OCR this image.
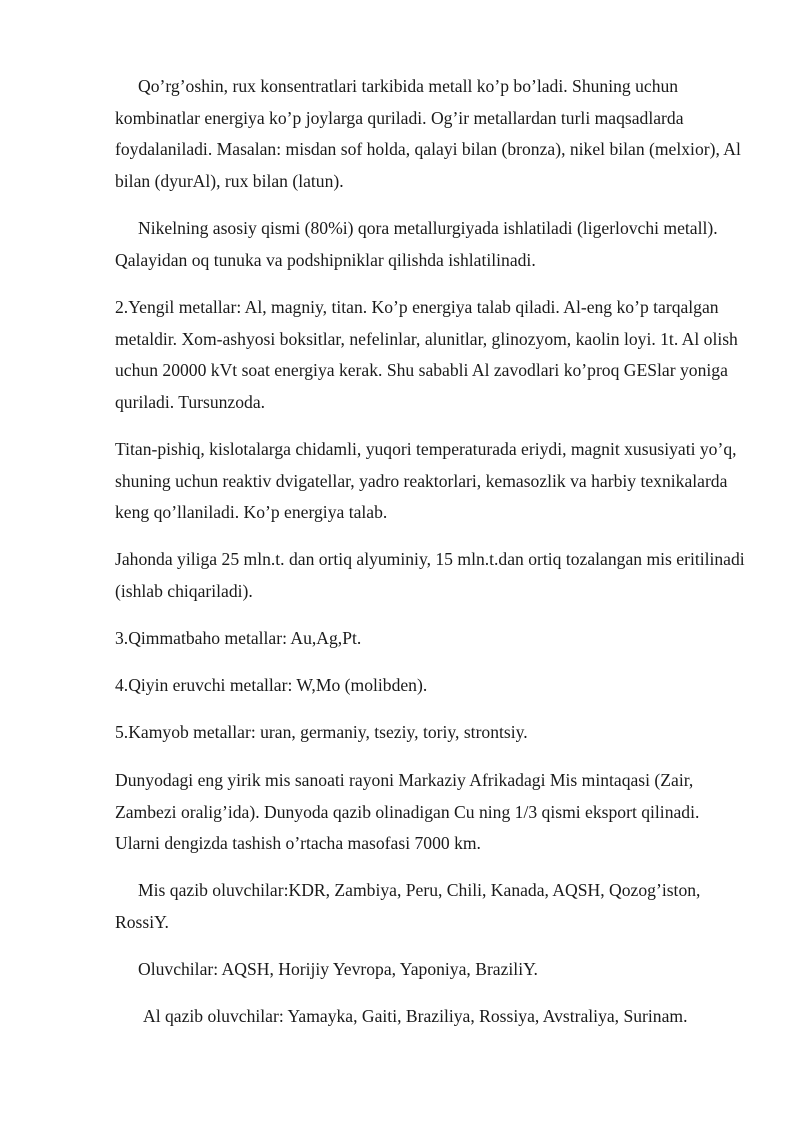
Qo’rg’oshin, rux konsentratlari tarkibida metall ko’p bo’ladi. Shuning uchun kombinatlar energiya ko’p joylarga quriladi. Og’ir metallardan turli maqsadlarda foydalaniladi. Masalan: misdan sof holda, qalayi bilan (bronza), nikel bilan (melxior), Al bilan (dyurAl), rux bilan (latun).

Nikelning asosiy qismi (80%i) qora metallurgiyada ishlatiladi (ligerlovchi metall). Qalayidan oq tunuka va podshipniklar qilishda ishlatilinadi.

2.Yengil metallar: Al, magniy, titan. Ko’p energiya talab qiladi. Al-eng ko’p tarqalgan metaldir. Xom-ashyosi boksitlar, nefelinlar, alunitlar, glinozyom, kaolin loyi. 1t. Al olish uchun 20000 kVt soat energiya kerak. Shu sababli Al zavodlari ko’proq GESlar yoniga quriladi. Tursunzoda.

Titan-pishiq, kislotalarga chidamli, yuqori temperaturada eriydi, magnit xususiyati yo’q, shuning uchun reaktiv dvigatellar, yadro reaktorlari, kemasozlik va harbiy texnikalarda keng qo’llaniladi. Ko’p energiya talab.

Jahonda yiliga 25 mln.t. dan ortiq alyuminiy, 15 mln.t.dan ortiq tozalangan mis eritilinadi (ishlab chiqariladi).

3.Qimmatbaho metallar: Au,Ag,Pt.

4.Qiyin eruvchi metallar: W,Mo (molibden).

5.Kamyob metallar: uran, germaniy, tseziy, toriy, strontsiy.

Dunyodagi eng yirik mis sanoati rayoni Markaziy Afrikadagi Mis mintaqasi (Zair, Zambezi oralig’ida). Dunyoda qazib olinadigan Cu ning 1/3 qismi eksport qilinadi. Ularni dengizda tashish o’rtacha masofasi 7000 km.

Mis qazib oluvchilar:KDR, Zambiya, Peru, Chili, Kanada, AQSH, Qozog’iston, RossiY.

Oluvchilar: AQSH, Horijiy Yevropa, Yaponiya, BraziliY.

Al qazib oluvchilar: Yamayka, Gaiti, Braziliya, Rossiya, Avstraliya, Surinam.
